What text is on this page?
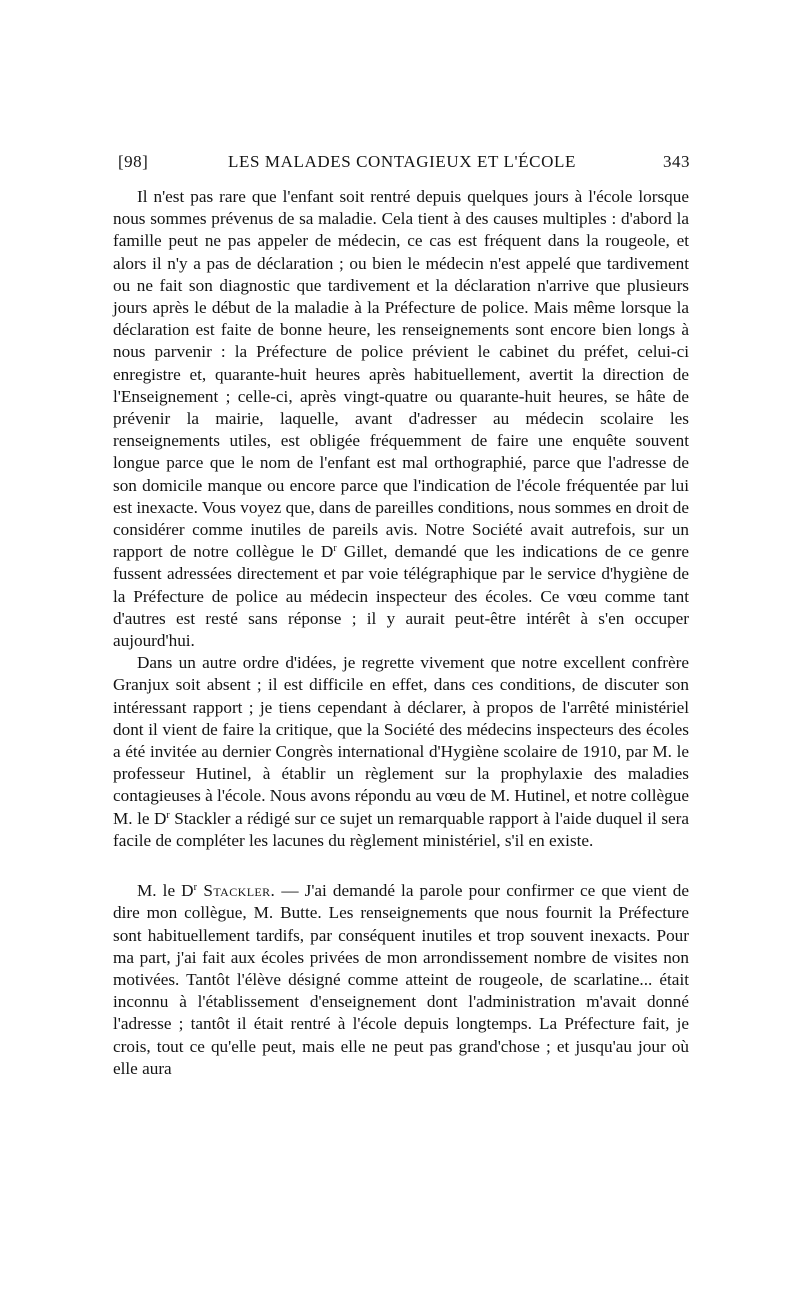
[98]	LES MALADES CONTAGIEUX ET L'ÉCOLE	343

Il n'est pas rare que l'enfant soit rentré depuis quelques jours à l'école lorsque nous sommes prévenus de sa maladie. Cela tient à des causes multiples : d'abord la famille peut ne pas appeler de médecin, ce cas est fréquent dans la rougeole, et alors il n'y a pas de déclaration ; ou bien le médecin n'est appelé que tardivement ou ne fait son diagnostic que tardivement et la déclaration n'arrive que plusieurs jours après le début de la maladie à la Préfecture de police. Mais même lorsque la déclaration est faite de bonne heure, les renseignements sont encore bien longs à nous parvenir : la Préfecture de police prévient le cabinet du préfet, celui-ci enregistre et, quarante-huit heures après habituellement, avertit la direction de l'Enseignement ; celle-ci, après vingt-quatre ou quarante-huit heures, se hâte de prévenir la mairie, laquelle, avant d'adresser au médecin scolaire les renseignements utiles, est obligée fréquemment de faire une enquête souvent longue parce que le nom de l'enfant est mal orthographié, parce que l'adresse de son domicile manque ou encore parce que l'indication de l'école fréquentée par lui est inexacte. Vous voyez que, dans de pareilles conditions, nous sommes en droit de considérer comme inutiles de pareils avis. Notre Société avait autrefois, sur un rapport de notre collègue le $D^r$ Gillet, demandé que les indications de ce genre fussent adressées directement et par voie télégraphique par le service d'hygiène de la Préfecture de police au médecin inspecteur des écoles. Ce vœu comme tant d'autres est resté sans réponse ; il y aurait peut-être intérêt à s'en occuper aujourd'hui.

Dans un autre ordre d'idées, je regrette vivement que notre excellent confrère Granjux soit absent ; il est difficile en effet, dans ces conditions, de discuter son intéressant rapport ; je tiens cependant à déclarer, à propos de l'arrêté ministériel dont il vient de faire la critique, que la Société des médecins inspecteurs des écoles a été invitée au dernier Congrès international d'Hygiène scolaire de 1910, par M. le professeur Hutinel, à établir un règlement sur la prophylaxie des maladies contagieuses à l'école. Nous avons répondu au vœu de M. Hutinel, et notre collègue M. le $D^r$ Stackler a rédigé sur ce sujet un remarquable rapport à l'aide duquel il sera facile de compléter les lacunes du règlement ministériel, s'il en existe.

M. le $D^r$ Stackler. — J'ai demandé la parole pour confirmer ce que vient de dire mon collègue, M. Butte. Les renseignements que nous fournit la Préfecture sont habituellement tardifs, par conséquent inutiles et trop souvent inexacts. Pour ma part, j'ai fait aux écoles privées de mon arrondissement nombre de visites non motivées. Tantôt l'élève désigné comme atteint de rougeole, de scarlatine... était inconnu à l'établissement d'enseignement dont l'administration m'avait donné l'adresse ; tantôt il était rentré à l'école depuis longtemps. La Préfecture fait, je crois, tout ce qu'elle peut, mais elle ne peut pas grand'chose ; et jusqu'au jour où elle aura
